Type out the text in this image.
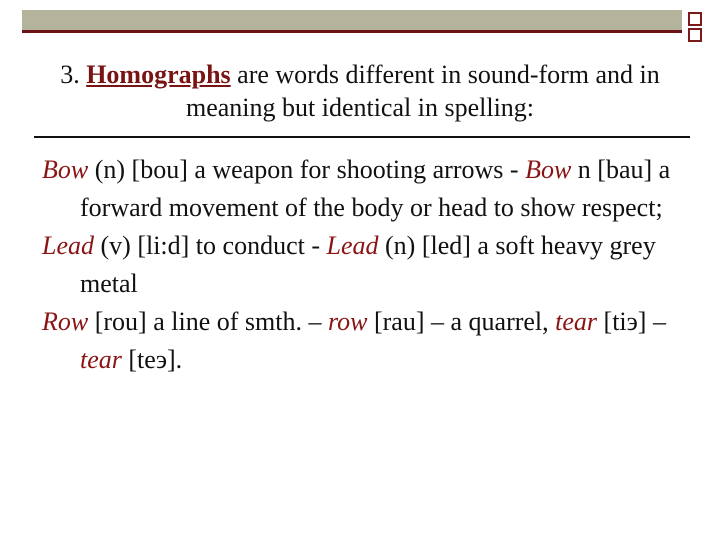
3. Homographs are words different in sound-form and in meaning but identical in spelling:

Bow (n) [bou] a weapon for shooting arrows - Bow n [bau] a forward movement of the body or head to show respect;

Lead (v) [li:d] to conduct - Lead (n) [led] a soft heavy grey metal

Row [rou] a line of smth. – row [rau] – a quarrel, tear [tiэ] – tear [teэ].
